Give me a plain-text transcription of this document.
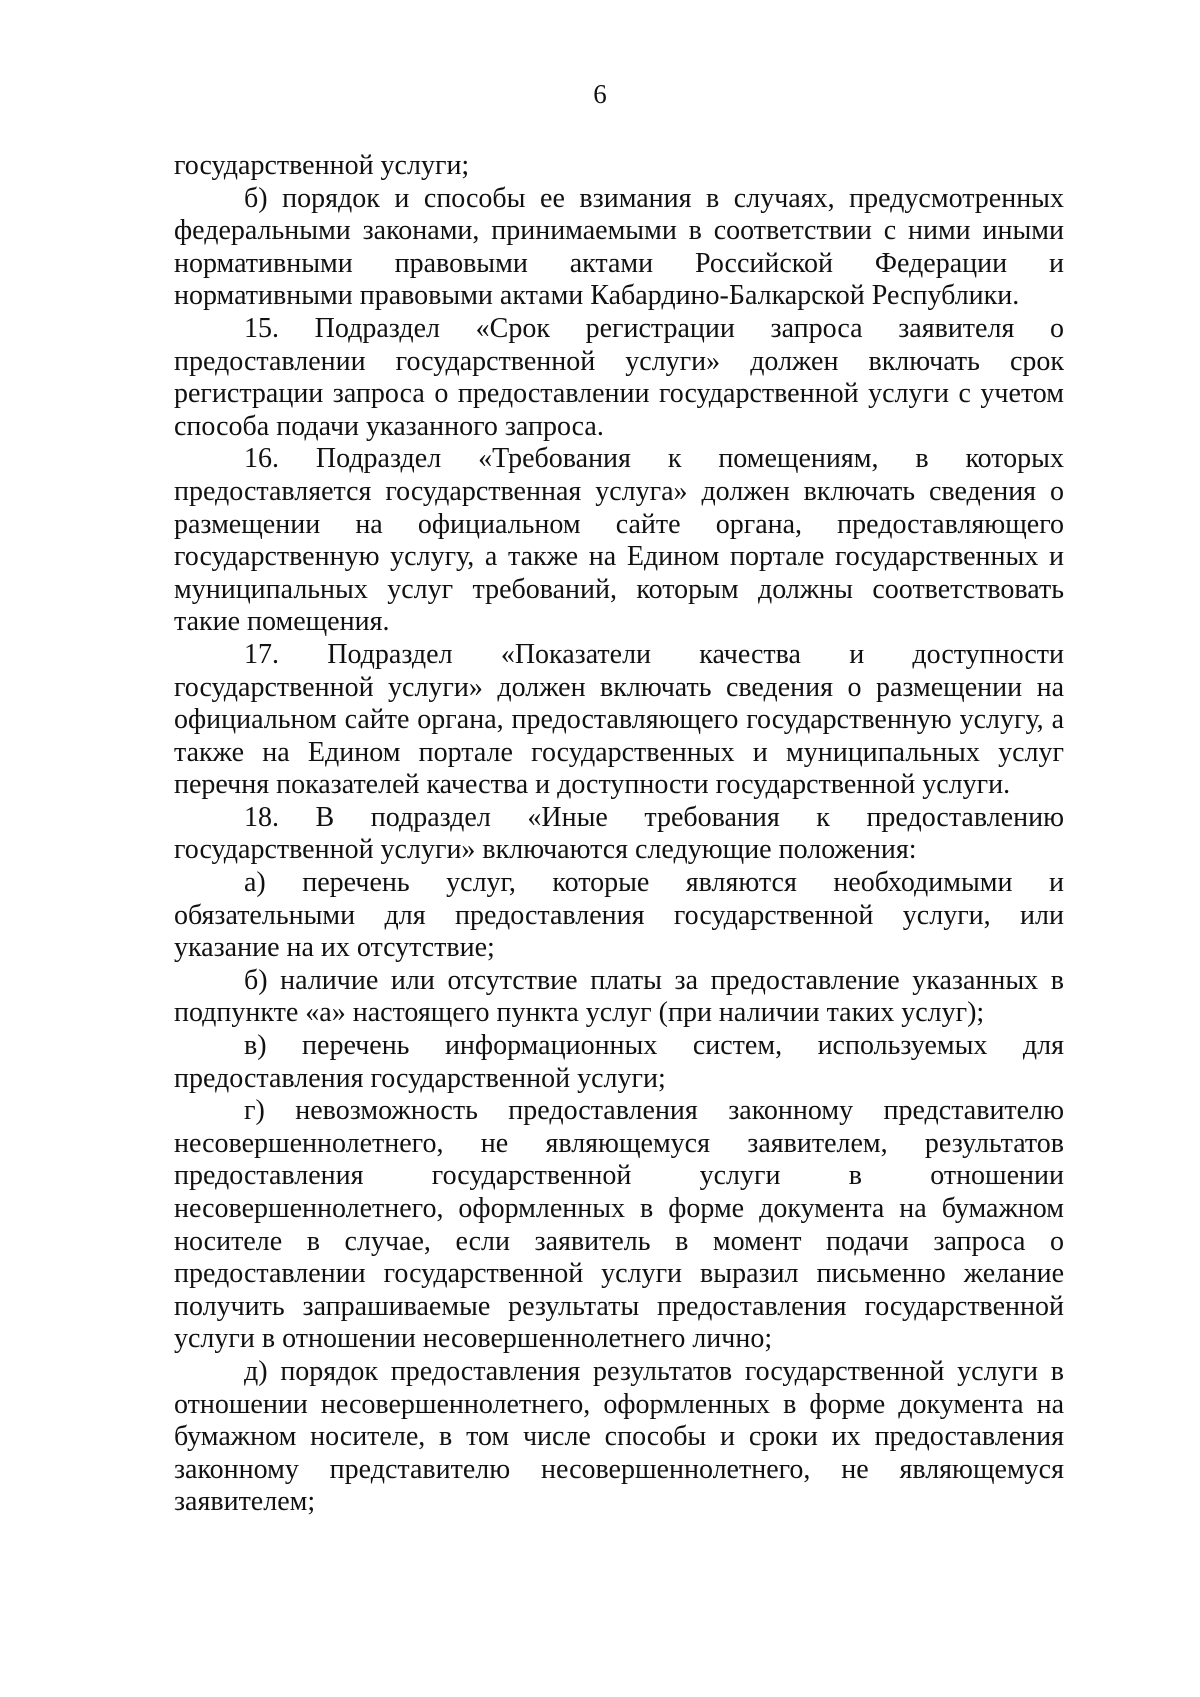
6

государственной услуги;

б) порядок и способы ее взимания в случаях, предусмотренных федеральными законами, принимаемыми в соответствии с ними иными нормативными правовыми актами Российской Федерации и нормативными правовыми актами Кабардино-Балкарской Республики.

15. Подраздел «Срок регистрации запроса заявителя о предоставлении государственной услуги» должен включать срок регистрации запроса о предоставлении государственной услуги с учетом способа подачи указанного запроса.

16. Подраздел «Требования к помещениям, в которых предоставляется государственная услуга» должен включать сведения о размещении на официальном сайте органа, предоставляющего государственную услугу, а также на Едином портале государственных и муниципальных услуг требований, которым должны соответствовать такие помещения.

17. Подраздел «Показатели качества и доступности государственной услуги» должен включать сведения о размещении на официальном сайте органа, предоставляющего государственную услугу, а также на Едином портале государственных и муниципальных услуг перечня показателей качества и доступности государственной услуги.

18. В подраздел «Иные требования к предоставлению государственной услуги» включаются следующие положения:

а) перечень услуг, которые являются необходимыми и обязательными для предоставления государственной услуги, или указание на их отсутствие;

б) наличие или отсутствие платы за предоставление указанных в подпункте «а» настоящего пункта услуг (при наличии таких услуг);

в) перечень информационных систем, используемых для предоставления государственной услуги;

г) невозможность предоставления законному представителю несовершеннолетнего, не являющемуся заявителем, результатов предоставления государственной услуги в отношении несовершеннолетнего, оформленных в форме документа на бумажном носителе в случае, если заявитель в момент подачи запроса о предоставлении государственной услуги выразил письменно желание получить запрашиваемые результаты предоставления государственной услуги в отношении несовершеннолетнего лично;

д) порядок предоставления результатов государственной услуги в отношении несовершеннолетнего, оформленных в форме документа на бумажном носителе, в том числе способы и сроки их предоставления законному представителю несовершеннолетнего, не являющемуся заявителем;
